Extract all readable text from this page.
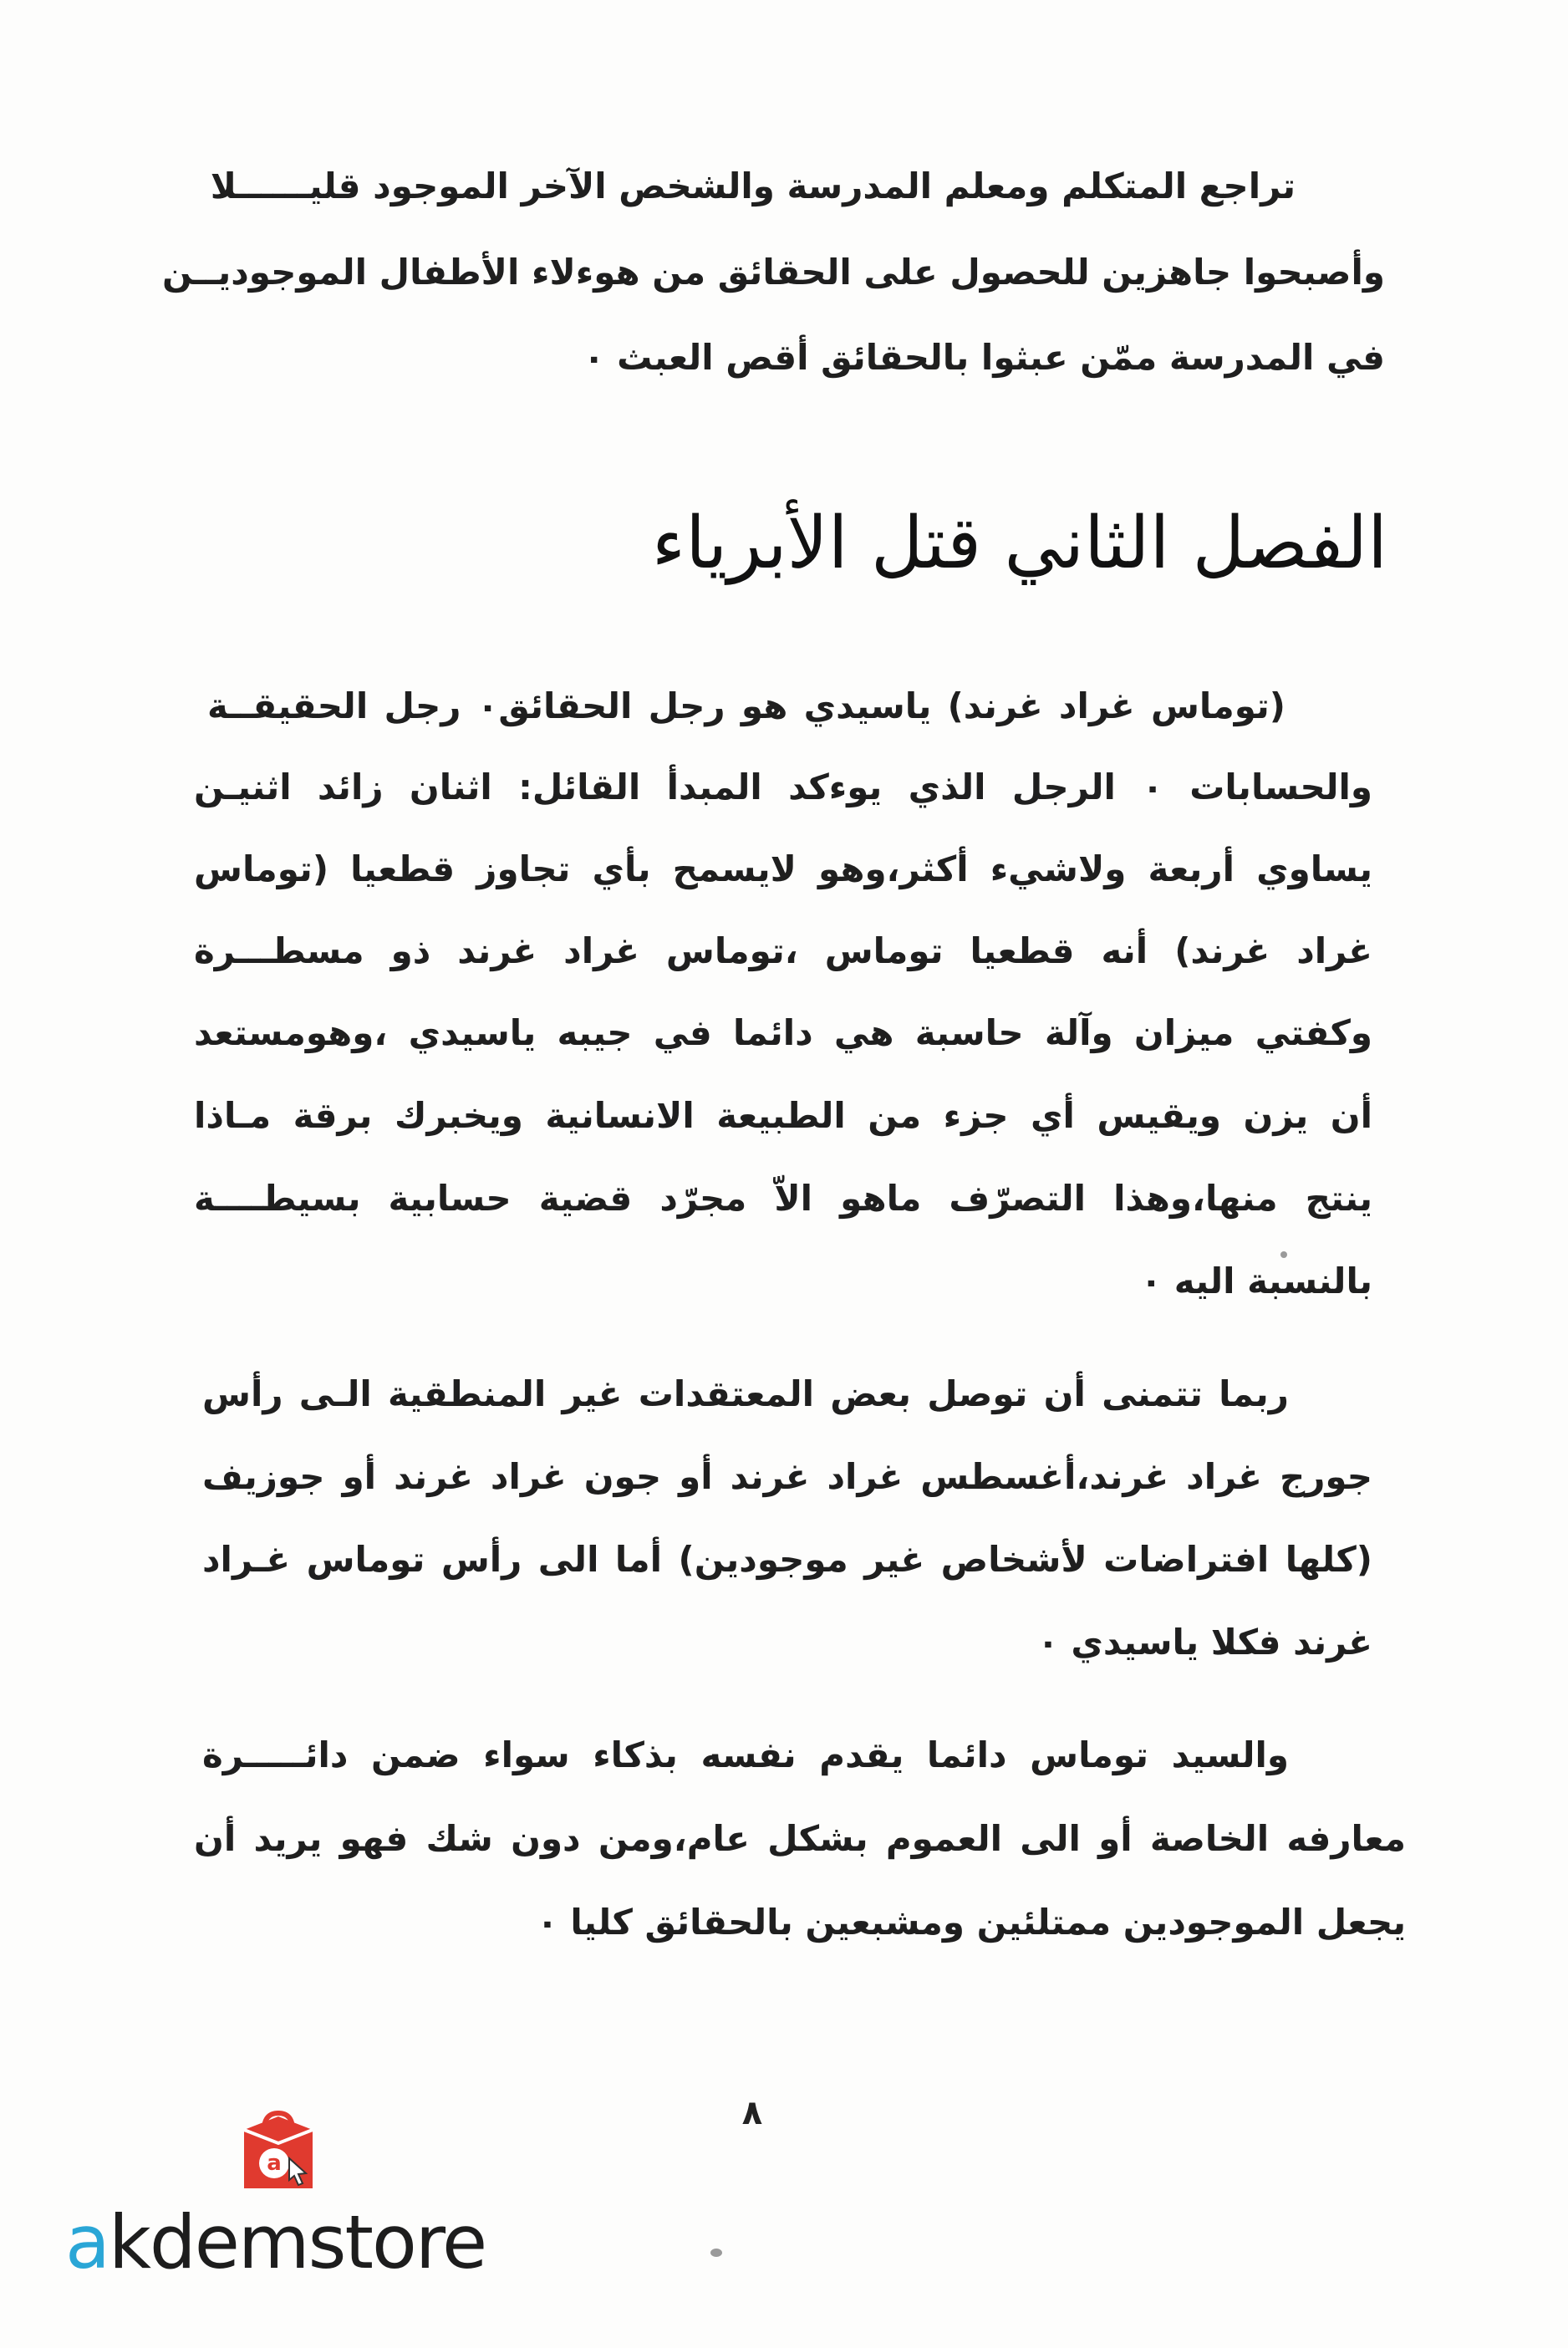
تراجع المتكلم ومعلم المدرسة والشخص الآخر الموجود قليــــــلا
وأصبحوا جاهزين للحصول على الحقائق من هوءلاء الأطفال الموجوديــن
في المدرسة ممّن عبثوا بالحقائق أقص العبث ٠
الفصل الثاني قتل الأبرياء
(توماس غراد غرند) ياسيدي هو رجل الحقائق٠ رجل الحقيقــة
والحسابات ٠ الرجل الذي يوءكد المبدأ القائل: اثنان زائد اثنيـن
يساوي أربعة ولاشيء أكثر،وهو لايسمح بأي تجاوز قطعيا (توماس
غراد غرند) أنه قطعيا توماس ،توماس غراد غرند ذو مسطـــرة
وكفتي ميزان وآلة حاسبة هي دائما في جيبه ياسيدي ،وهومستعد
أن يزن ويقيس أي جزء من الطبيعة الانسانية ويخبرك برقة مـاذا
ينتج منها،وهذا التصرّف ماهو الاّ مجرّد قضية حسابية بسيطــــة
بالنسبة اليه ٠
ربما تتمنى أن توصل بعض المعتقدات غير المنطقية الـى رأس
جورج غراد غرند،أغسطس غراد غرند أو جون غراد غرند أو جوزيف
(كلها افتراضات لأشخاص غير موجودين) أما الى رأس توماس غـراد
غرند فكلا ياسيدي ٠
والسيد توماس دائما يقدم نفسه بذكاء سواء ضمن دائـــــرة
معارفه الخاصة أو الى العموم بشكل عام،ومن دون شك فهو يريد أن
يجعل الموجودين ممتلئين ومشبعين بالحقائق كليا ٠
٨
a
akdemstore
